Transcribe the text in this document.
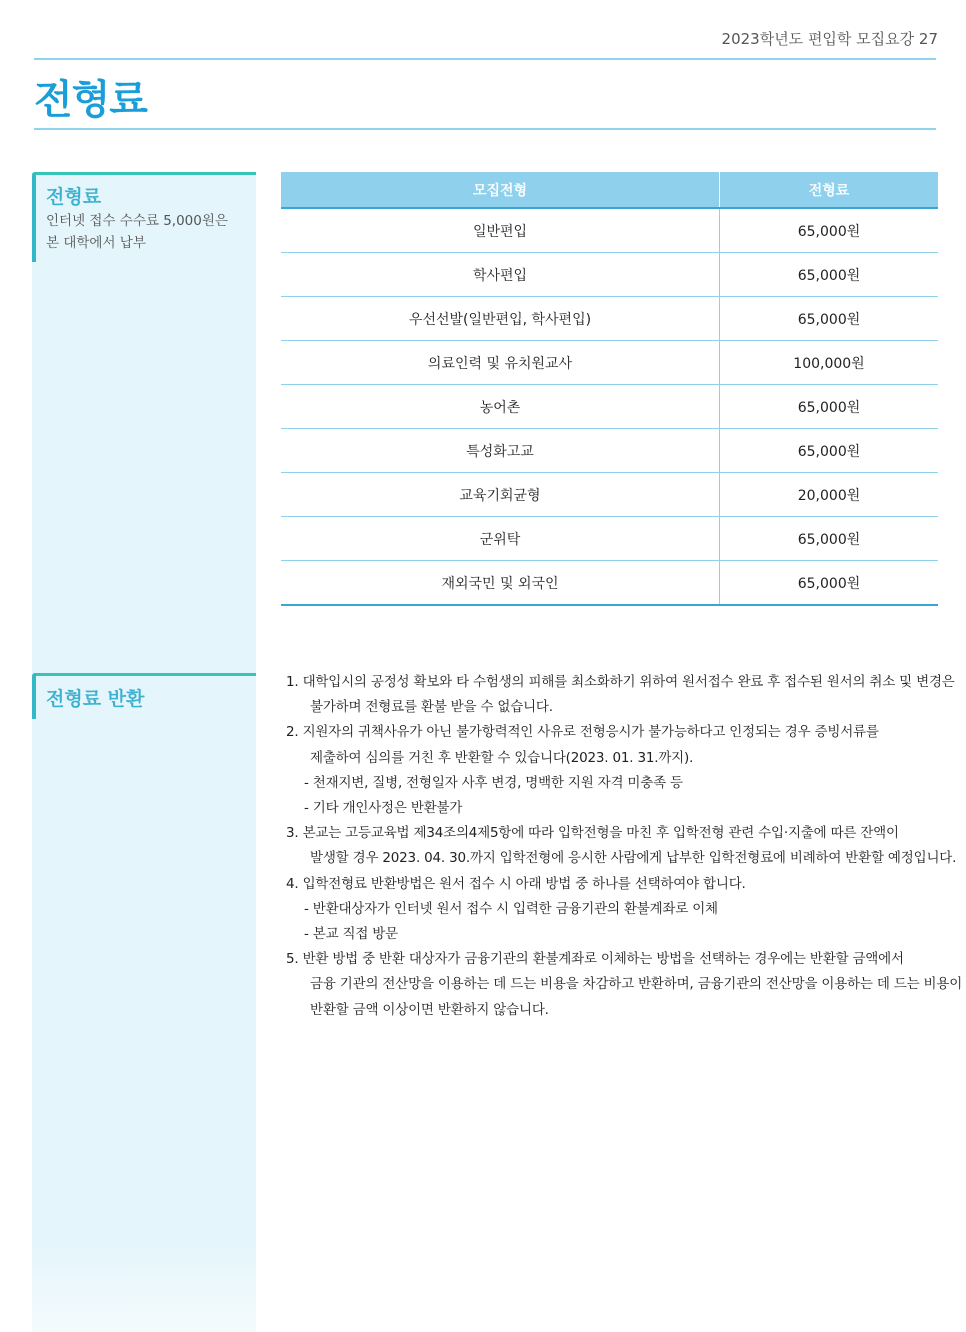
2023학년도 편입학 모집요강 27
전형료
전형료
인터넷 접수 수수료 5,000원은
본 대학에서 납부
전형료 반환
모집전형	전형료
일반편입	65,000원
학사편입	65,000원
우선선발(일반편입, 학사편입)	65,000원
의료인력 및 유치원교사	100,000원
농어촌	65,000원
특성화고교	65,000원
교육기회균형	20,000원
군위탁	65,000원
재외국민 및 외국인	65,000원
1. 대학입시의 공정성 확보와 타 수험생의 피해를 최소화하기 위하여 원서접수 완료 후 접수된 원서의 취소 및 변경은
불가하며 전형료를 환불 받을 수 없습니다.
2. 지원자의 귀책사유가 아닌 불가항력적인 사유로 전형응시가 불가능하다고 인정되는 경우 증빙서류를
제출하여 심의를 거친 후 반환할 수 있습니다(2023. 01. 31.까지).
- 천재지변, 질병, 전형일자 사후 변경, 명백한 지원 자격 미충족 등
- 기타 개인사정은 반환불가
3. 본교는 고등교육법 제34조의4제5항에 따라 입학전형을 마친 후 입학전형 관련 수입·지출에 따른 잔액이
발생할 경우 2023. 04. 30.까지 입학전형에 응시한 사람에게 납부한 입학전형료에 비례하여 반환할 예정입니다.
4. 입학전형료 반환방법은 원서 접수 시 아래 방법 중 하나를 선택하여야 합니다.
- 반환대상자가 인터넷 원서 접수 시 입력한 금융기관의 환불계좌로 이체
- 본교 직접 방문
5. 반환 방법 중 반환 대상자가 금융기관의 환불계좌로 이체하는 방법을 선택하는 경우에는 반환할 금액에서
금융 기관의 전산망을 이용하는 데 드는 비용을 차감하고 반환하며, 금융기관의 전산망을 이용하는 데 드는 비용이
반환할 금액 이상이면 반환하지 않습니다.
